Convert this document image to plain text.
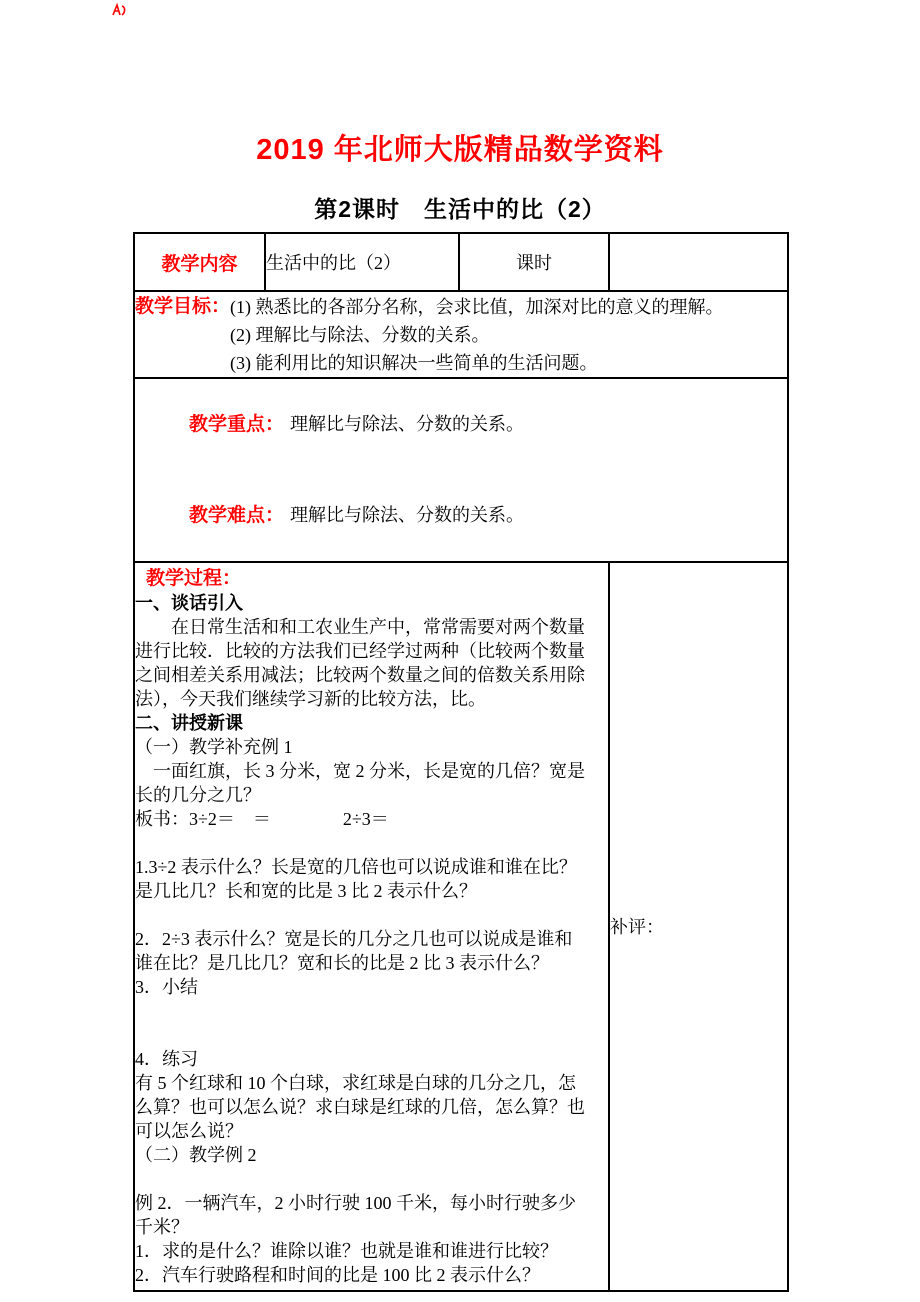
2019 年北师大版精品数学资料
第2课时　生活中的比（2）
教学内容	生活中的比（2）	课时	

教学目标： (1) 熟悉比的各部分名称，会求比值，加深对比的意义的理解。
(2) 理解比与除法、分数的关系。
(3) 能利用比的知识解决一些简单的生活问题。			

教学重点： 理解比与除法、分数的关系。

教学难点： 理解比与除法、分数的关系。			

教学过程：
一、谈话引入
　　在日常生活和和工农业生产中，常常需要对两个数量
进行比较．比较的方法我们已经学过两种（比较两个数量
之间相差关系用减法；比较两个数量之间的倍数关系用除
法），今天我们继续学习新的比较方法，比。
二、讲授新课
（一）教学补充例 1
　一面红旗，长 3 分米，宽 2 分米，长是宽的几倍？宽是
长的几分之几？
板书：3÷2＝　＝　　　　2÷3＝
1.3÷2 表示什么？长是宽的几倍也可以说成谁和谁在比？
是几比几？长和宽的比是 3 比 2 表示什么？
2．2÷3 表示什么？宽是长的几分之几也可以说成是谁和
谁在比？是几比几？宽和长的比是 2 比 3 表示什么？
3．小结
4．练习
有 5 个红球和 10 个白球，求红球是白球的几分之几，怎
么算？也可以怎么说？求白球是红球的几倍，怎么算？也
可以怎么说？
（二）教学例 2
例 2．一辆汽车，2 小时行驶 100 千米，每小时行驶多少
千米？
1．求的是什么？谁除以谁？也就是谁和谁进行比较？
2．汽车行驶路程和时间的比是 100 比 2 表示什么？
	补评：
